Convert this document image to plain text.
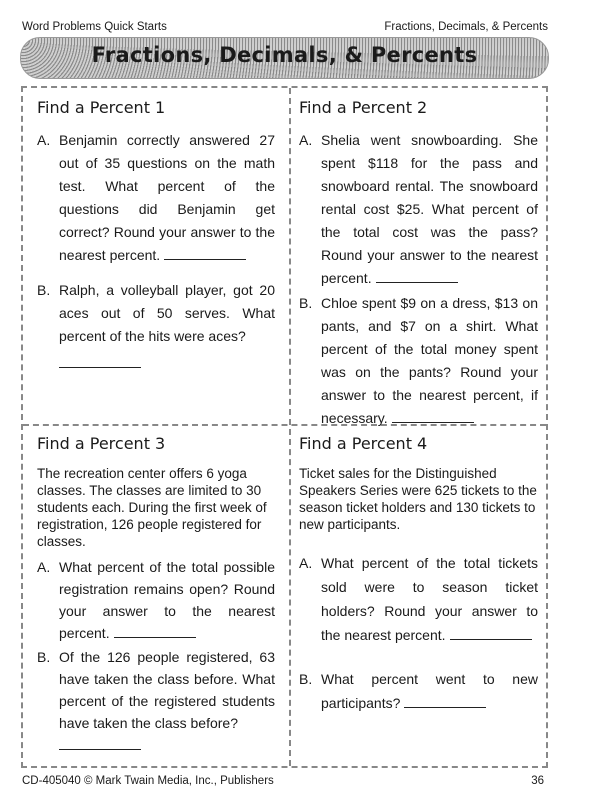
Word Problems Quick Starts	Fractions, Decimals, & Percents
Fractions, Decimals, & Percents
Find a Percent 1
A. Benjamin correctly answered 27 out of 35 questions on the math test. What percent of the questions did Benjamin get correct? Round your answer to the nearest percent.
B. Ralph, a volleyball player, got 20 aces out of 50 serves. What percent of the hits were aces?
Find a Percent 2
A. Shelia went snowboarding. She spent $118 for the pass and snowboard rental. The snowboard rental cost $25. What percent of the total cost was the pass? Round your answer to the nearest percent.
B. Chloe spent $9 on a dress, $13 on pants, and $7 on a shirt. What percent of the total money spent was on the pants? Round your answer to the nearest percent, if necessary.
Find a Percent 3
The recreation center offers 6 yoga classes. The classes are limited to 30 students each. During the first week of registration, 126 people registered for classes.
A. What percent of the total possible registration remains open? Round your answer to the nearest percent.
B. Of the 126 people registered, 63 have taken the class before. What percent of the registered students have taken the class before?
Find a Percent 4
Ticket sales for the Distinguished Speakers Series were 625 tickets to the season ticket holders and 130 tickets to new participants.
A. What percent of the total tickets sold were to season ticket holders? Round your answer to the nearest percent.
B. What percent went to new participants?
CD-405040 © Mark Twain Media, Inc., Publishers	36
